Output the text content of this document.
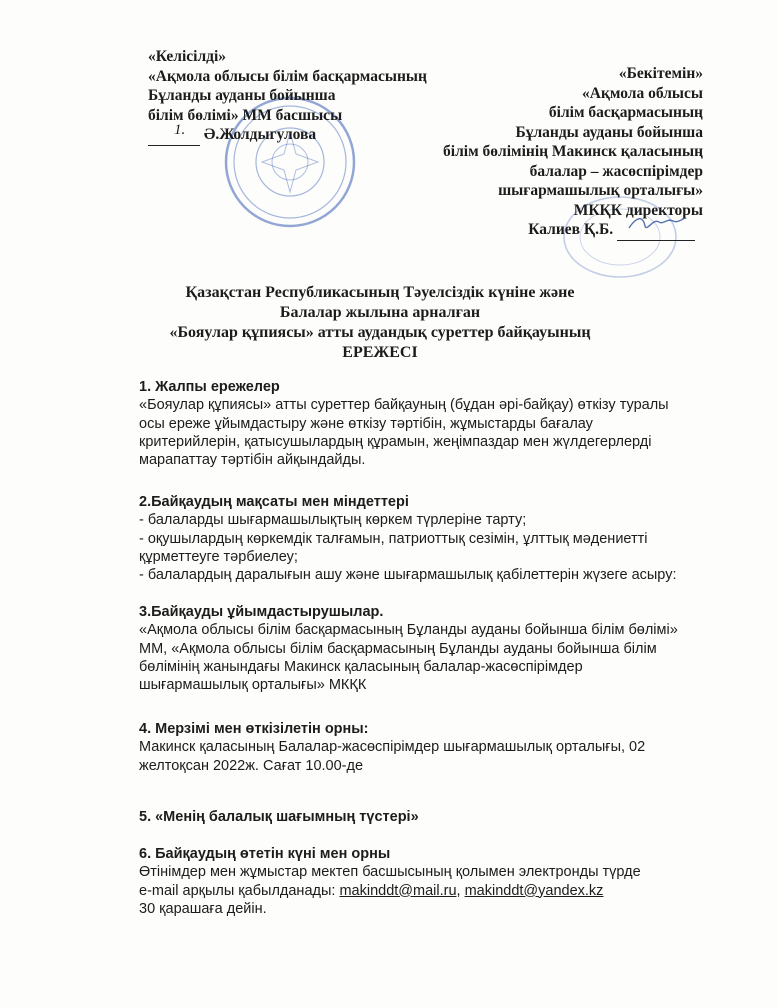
«Келісілді»
«Ақмола облысы білім басқармасының
Бұланды ауданы бойынша
білім бөлімі» ММ басшысы
1. Ә.Жолдыгулова
«Бекітемін»
«Ақмола облысы
білім басқармасының
Бұланды ауданы бойынша
білім бөлімінің Макинск қаласының
балалар – жасөспірімдер
шығармашылық орталығы»
МКҚК директоры
Калиев Қ.Б.

Қазақстан Республикасының Тәуелсіздік күніне және
Балалар жылына арналған
«Бояулар құпиясы» атты аудандық суреттер байқауының
ЕРЕЖЕСІ
1. Жалпы ережелер
«Бояулар құпиясы» атты суреттер байқауның (бұдан әрі-байқау) өткізу туралы осы ереже ұйымдастыру және өткізу тәртібін, жұмыстарды бағалау критерийлерін, қатысушылардың құрамын, жеңімпаздар мен жүлдегерлерді марапаттау тәртібін айқындайды.
2.Байқаудың мақсаты мен міндеттері
- балаларды шығармашылықтың көркем түрлеріне тарту;
- оқушылардың көркемдік талғамын, патриоттық сезімін, ұлттық мәдениетті құрметтеуге тәрбиелеу;
- балалардың даралығын ашу және шығармашылық қабілеттерін жүзеге асыру:
3.Байқауды ұйымдастырушылар.
«Ақмола облысы білім басқармасының Бұланды ауданы бойынша білім бөлімі» ММ, «Ақмола облысы білім басқармасының Бұланды ауданы бойынша білім бөлімінің жанындағы Макинск қаласының балалар-жасөспірімдер шығармашылық орталығы» МКҚК
4. Мерзімі мен өткізілетін орны:
Макинск қаласының Балалар-жасөспірімдер шығармашылық орталығы, 02 желтоқсан 2022ж. Сағат 10.00-де
5. «Менің балалық шағымның түстері»
6. Байқаудың өтетін күні мен орны
Өтінімдер мен жұмыстар мектеп басшысының қолымен электронды түрде
e-mail арқылы қабылданады: makinddt@mail.ru, makinddt@yandex.kz
30 қарашаға дейін.
